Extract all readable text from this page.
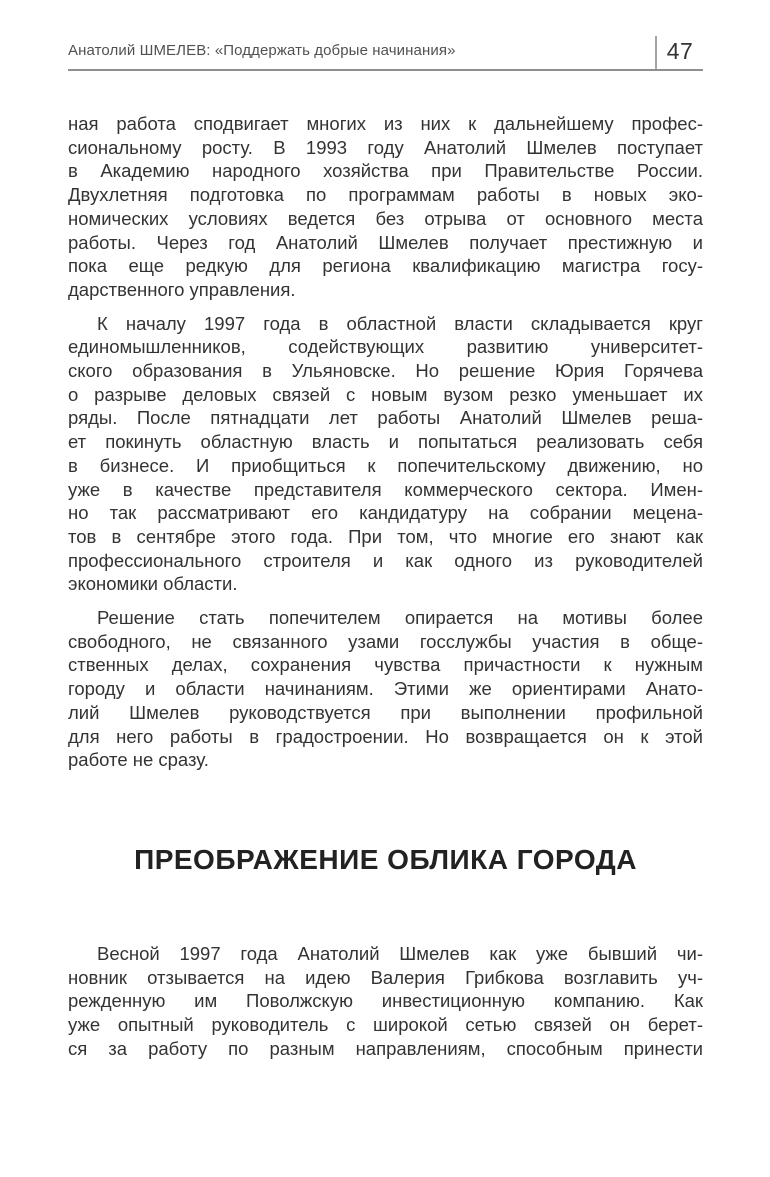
Анатолий ШМЕЛЕВ: «Поддержать добрые начинания»	47
ная работа сподвигает многих из них к дальнейшему профес-
сиональному росту. В 1993 году Анатолий Шмелев поступает
в Академию народного хозяйства при Правительстве России.
Двухлетняя подготовка по программам работы в новых эко-
номических условиях ведется без отрыва от основного места
работы. Через год Анатолий Шмелев получает престижную и
пока еще редкую для региона квалификацию магистра госу-
дарственного управления.
К началу 1997 года в областной власти складывается круг
единомышленников, содействующих развитию университет-
ского образования в Ульяновске. Но решение Юрия Горячева
о разрыве деловых связей с новым вузом резко уменьшает их
ряды. После пятнадцати лет работы Анатолий Шмелев реша-
ет покинуть областную власть и попытаться реализовать себя
в бизнесе. И приобщиться к попечительскому движению, но
уже в качестве представителя коммерческого сектора. Имен-
но так рассматривают его кандидатуру на собрании мецена-
тов в сентябре этого года. При том, что многие его знают как
профессионального строителя и как одного из руководителей
экономики области.
Решение стать попечителем опирается на мотивы более
свободного, не связанного узами госслужбы участия в обще-
ственных делах, сохранения чувства причастности к нужным
городу и области начинаниям. Этими же ориентирами Анато-
лий Шмелев руководствуется при выполнении профильной
для него работы в градостроении. Но возвращается он к этой
работе не сразу.
ПРЕОБРАЖЕНИЕ ОБЛИКА ГОРОДА
Весной 1997 года Анатолий Шмелев как уже бывший чи-
новник отзывается на идею Валерия Грибкова возглавить уч-
режденную им Поволжскую инвестиционную компанию. Как
уже опытный руководитель с широкой сетью связей он берет-
ся за работу по разным направлениям, способным принести
